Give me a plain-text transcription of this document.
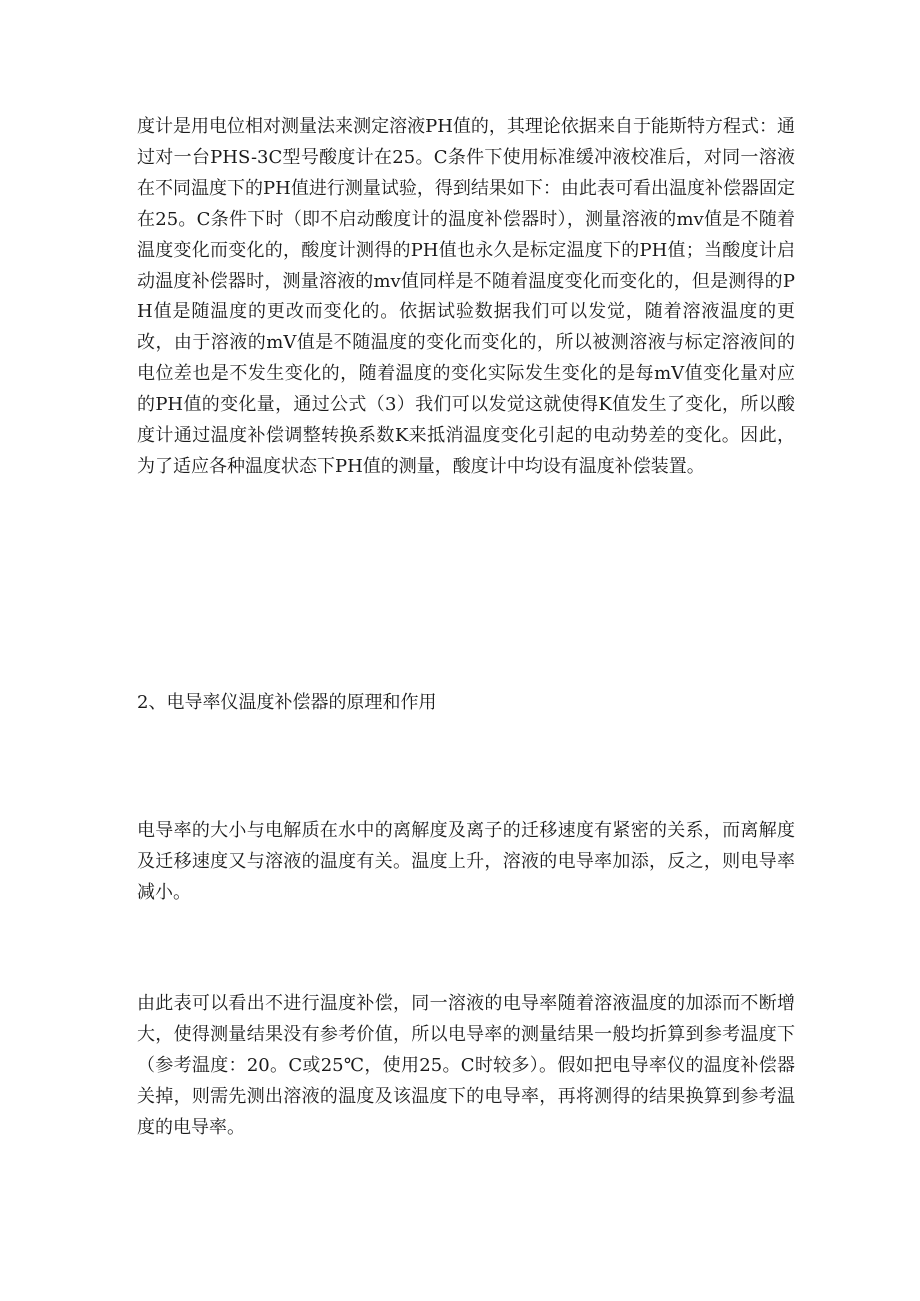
度计是用电位相对测量法来测定溶液PH值的，其理论依据来自于能斯特方程式：通过对一台PHS-3C型号酸度计在25。C条件下使用标准缓冲液校准后，对同一溶液在不同温度下的PH值进行测量试验，得到结果如下：由此表可看出温度补偿器固定在25。C条件下时（即不启动酸度计的温度补偿器时），测量溶液的mv值是不随着温度变化而变化的，酸度计测得的PH值也永久是标定温度下的PH值；当酸度计启动温度补偿器时，测量溶液的mv值同样是不随着温度变化而变化的，但是测得的PH值是随温度的更改而变化的。依据试验数据我们可以发觉，随着溶液温度的更改，由于溶液的mV值是不随温度的变化而变化的，所以被测溶液与标定溶液间的电位差也是不发生变化的，随着温度的变化实际发生变化的是每mV值变化量对应的PH值的变化量，通过公式（3）我们可以发觉这就使得K值发生了变化，所以酸度计通过温度补偿调整转换系数K来抵消温度变化引起的电动势差的变化。因此，为了适应各种温度状态下PH值的测量，酸度计中均设有温度补偿装置。

2、电导率仪温度补偿器的原理和作用

电导率的大小与电解质在水中的离解度及离子的迁移速度有紧密的关系，而离解度及迁移速度又与溶液的温度有关。温度上升，溶液的电导率加添，反之，则电导率减小。

由此表可以看出不进行温度补偿，同一溶液的电导率随着溶液温度的加添而不断增大，使得测量结果没有参考价值，所以电导率的测量结果一般均折算到参考温度下（参考温度：20。C或25℃，使用25。C时较多）。假如把电导率仪的温度补偿器关掉，则需先测出溶液的温度及该温度下的电导率，再将测得的结果换算到参考温度的电导率。
